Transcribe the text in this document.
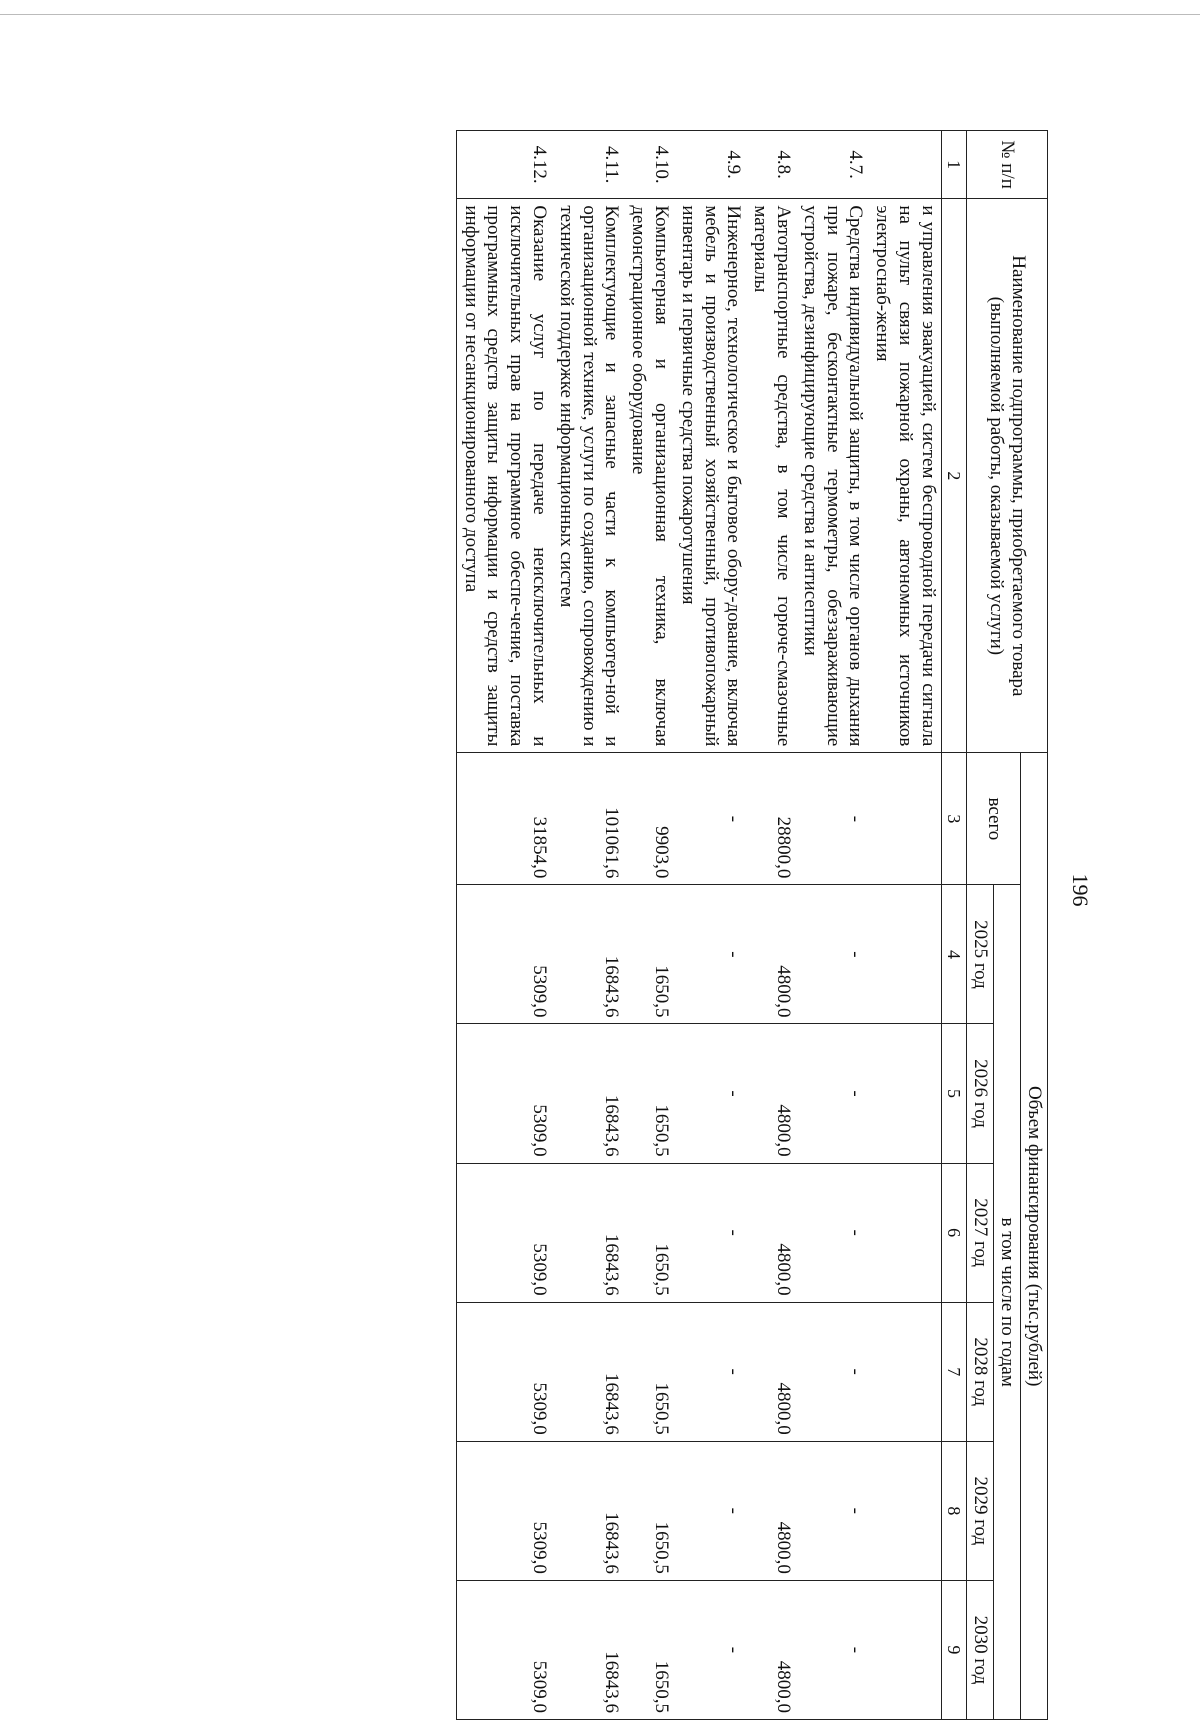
196
№ п/п	Наименование подпрограммы, приобретаемого товара (выполняемой работы, оказываемой услуги)	Объем финансирования (тыс.рублей)						
		всего	в том числе по годам					
			2025 год	2026 год	2027 год	2028 год	2029 год	2030 год
1	2	3	4	5	6	7	8	9
	и управления эвакуацией, систем беспроводной передачи сигнала на пульт связи пожарной охраны, автономных источников электроснаб-жения							
4.7.	Средства индивидуальной защиты, в том числе органов дыхания при пожаре, бесконтактные термометры, обеззараживающие устройства, дезинфицирующие средства и антисептики	-	-	-	-	-	-	-
4.8.	Автотранспортные средства, в том числе горюче-смазочные материалы	28800,0	4800,0	4800,0	4800,0	4800,0	4800,0	4800,0
4.9.	Инженерное, технологическое и бытовое обору-дование, включая мебель и производственный хозяйственный, противопожарный инвентарь и первичные средства пожаротушения	-	-	-	-	-	-	-
4.10.	Компьютерная и организационная техника, включая демонстрационное оборудование	9903,0	1650,5	1650,5	1650,5	1650,5	1650,5	1650,5
4.11.	Комплектующие и запасные части к компьютер-ной и организационной технике, услуги по созданию, сопровождению и технической поддержке информационных систем	101061,6	16843,6	16843,6	16843,6	16843,6	16843,6	16843,6
4.12.	Оказание услуг по передаче неисключительных и исключительных прав на программное обеспе-чение, поставка программных средств защиты информации и средств защиты информации от несанкционированного доступа	31854,0	5309,0	5309,0	5309,0	5309,0	5309,0	5309,0
